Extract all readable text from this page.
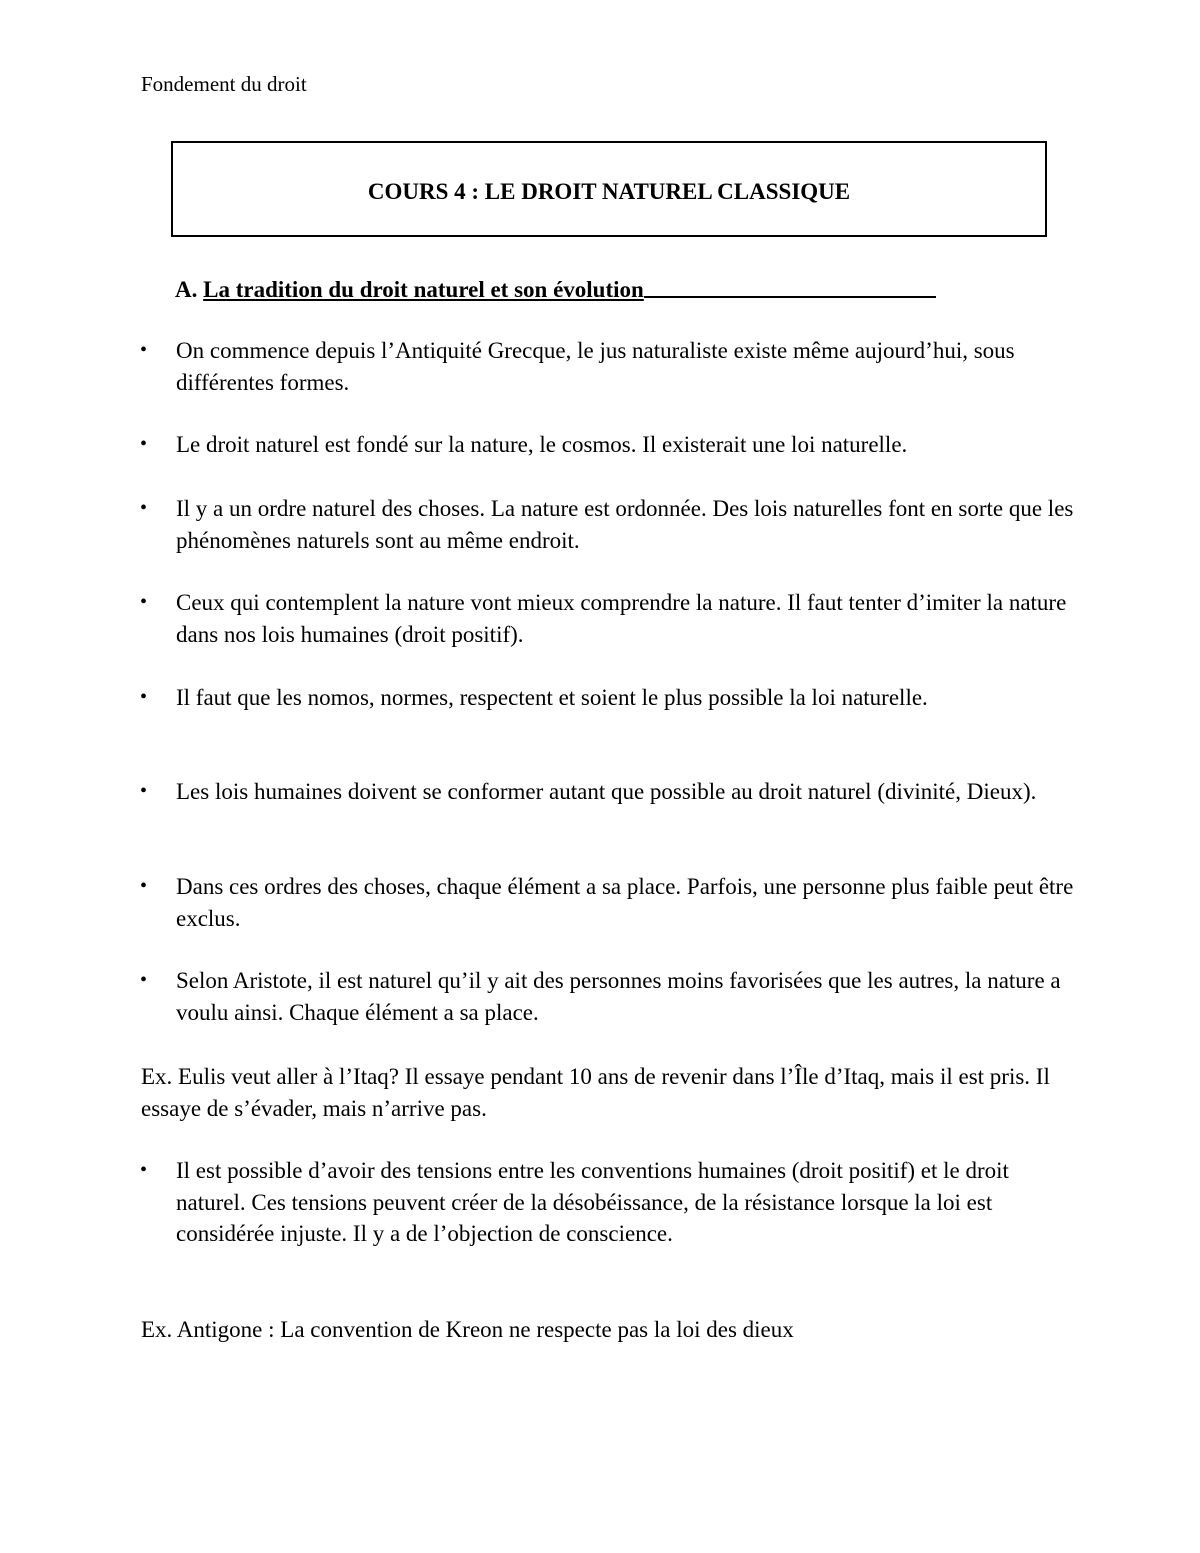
Fondement du droit
COURS 4 : LE DROIT NATUREL CLASSIQUE
A. La tradition du droit naturel et son évolution
• On commence depuis l’Antiquité Grecque, le jus naturaliste existe même aujourd’hui, sous différentes formes.
• Le droit naturel est fondé sur la nature, le cosmos. Il existerait une loi naturelle.
• Il y a un ordre naturel des choses. La nature est ordonnée. Des lois naturelles font en sorte que les phénomènes naturels sont au même endroit.
• Ceux qui contemplent la nature vont mieux comprendre la nature. Il faut tenter d’imiter la nature dans nos lois humaines (droit positif).
• Il faut que les nomos, normes, respectent et soient le plus possible la loi naturelle.
• Les lois humaines doivent se conformer autant que possible au droit naturel (divinité, Dieux).
• Dans ces ordres des choses, chaque élément a sa place. Parfois, une personne plus faible peut être exclus.
• Selon Aristote, il est naturel qu’il y ait des personnes moins favorisées que les autres, la nature a voulu ainsi. Chaque élément a sa place.
Ex. Eulis veut aller à l’Itaq? Il essaye pendant 10 ans de revenir dans l’Île d’Itaq, mais il est pris. Il essaye de s’évader, mais n’arrive pas.
• Il est possible d’avoir des tensions entre les conventions humaines (droit positif) et le droit naturel. Ces tensions peuvent créer de la désobéissance, de la résistance lorsque la loi est considérée injuste. Il y a de l’objection de conscience.
Ex. Antigone : La convention de Kreon ne respecte pas la loi des dieux
